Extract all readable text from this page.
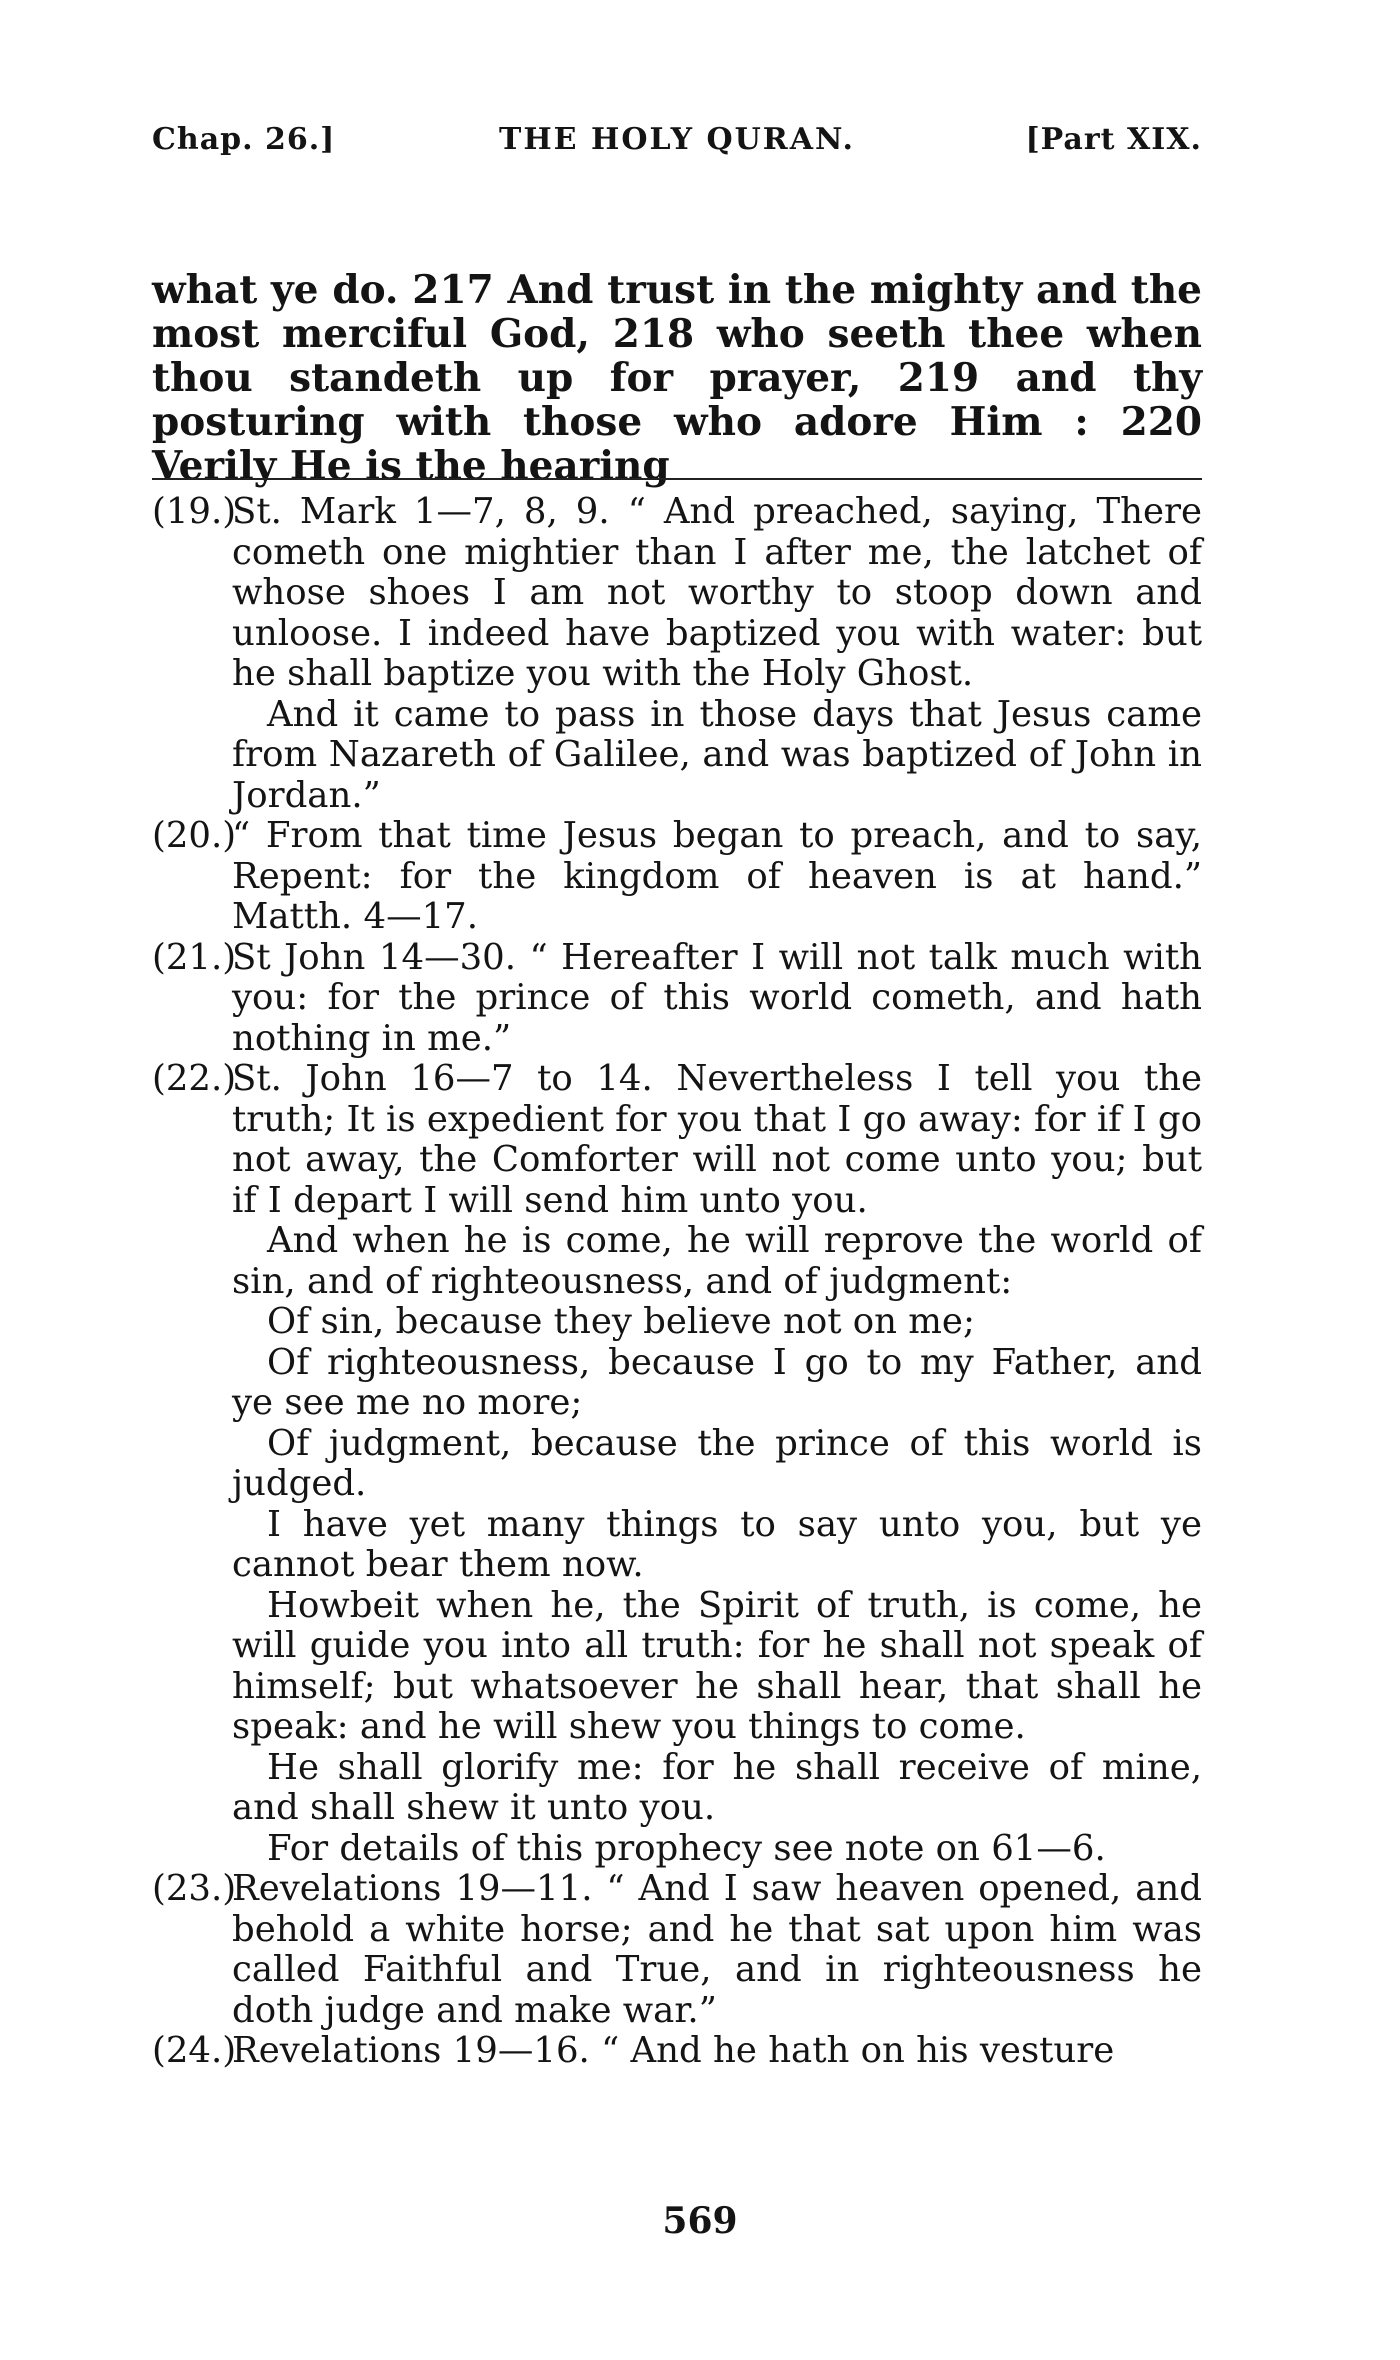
Chap. 26.]	THE HOLY QURAN.	[Part XIX.

what ye do. 217 And trust in the mighty and the most merciful God, 218 who seeth thee when thou standeth up for prayer, 219 and thy posturing with those who adore Him : 220 Verily He is the hearing

(19.)St. Mark 1—7, 8, 9. “ And preached, saying, There cometh one mightier than I after me, the latchet of whose shoes I am not worthy to stoop down and unloose. I indeed have baptized you with water: but he shall baptize you with the Holy Ghost.

And it came to pass in those days that Jesus came from Nazareth of Galilee, and was baptized of John in Jordan.”

(20.)“ From that time Jesus began to preach, and to say, Repent: for the kingdom of heaven is at hand.” Matth. 4—17.

(21.)St John 14—30. “ Hereafter I will not talk much with you: for the prince of this world cometh, and hath nothing in me.”

(22.)St. John 16—7 to 14. Nevertheless I tell you the truth; It is expedient for you that I go away: for if I go not away, the Comforter will not come unto you; but if I depart I will send him unto you.

And when he is come, he will reprove the world of sin, and of righteousness, and of judgment:

Of sin, because they believe not on me;

Of righteousness, because I go to my Father, and ye see me no more;

Of judgment, because the prince of this world is judged.

I have yet many things to say unto you, but ye cannot bear them now.

Howbeit when he, the Spirit of truth, is come, he will guide you into all truth: for he shall not speak of himself; but whatsoever he shall hear, that shall he speak: and he will shew you things to come.

He shall glorify me: for he shall receive of mine, and shall shew it unto you.

For details of this prophecy see note on 61—6.

(23.)Revelations 19—11. “ And I saw heaven opened, and behold a white horse; and he that sat upon him was called Faithful and True, and in righteousness he doth judge and make war.”

(24.)Revelations 19—16. “ And he hath on his vesture

569
